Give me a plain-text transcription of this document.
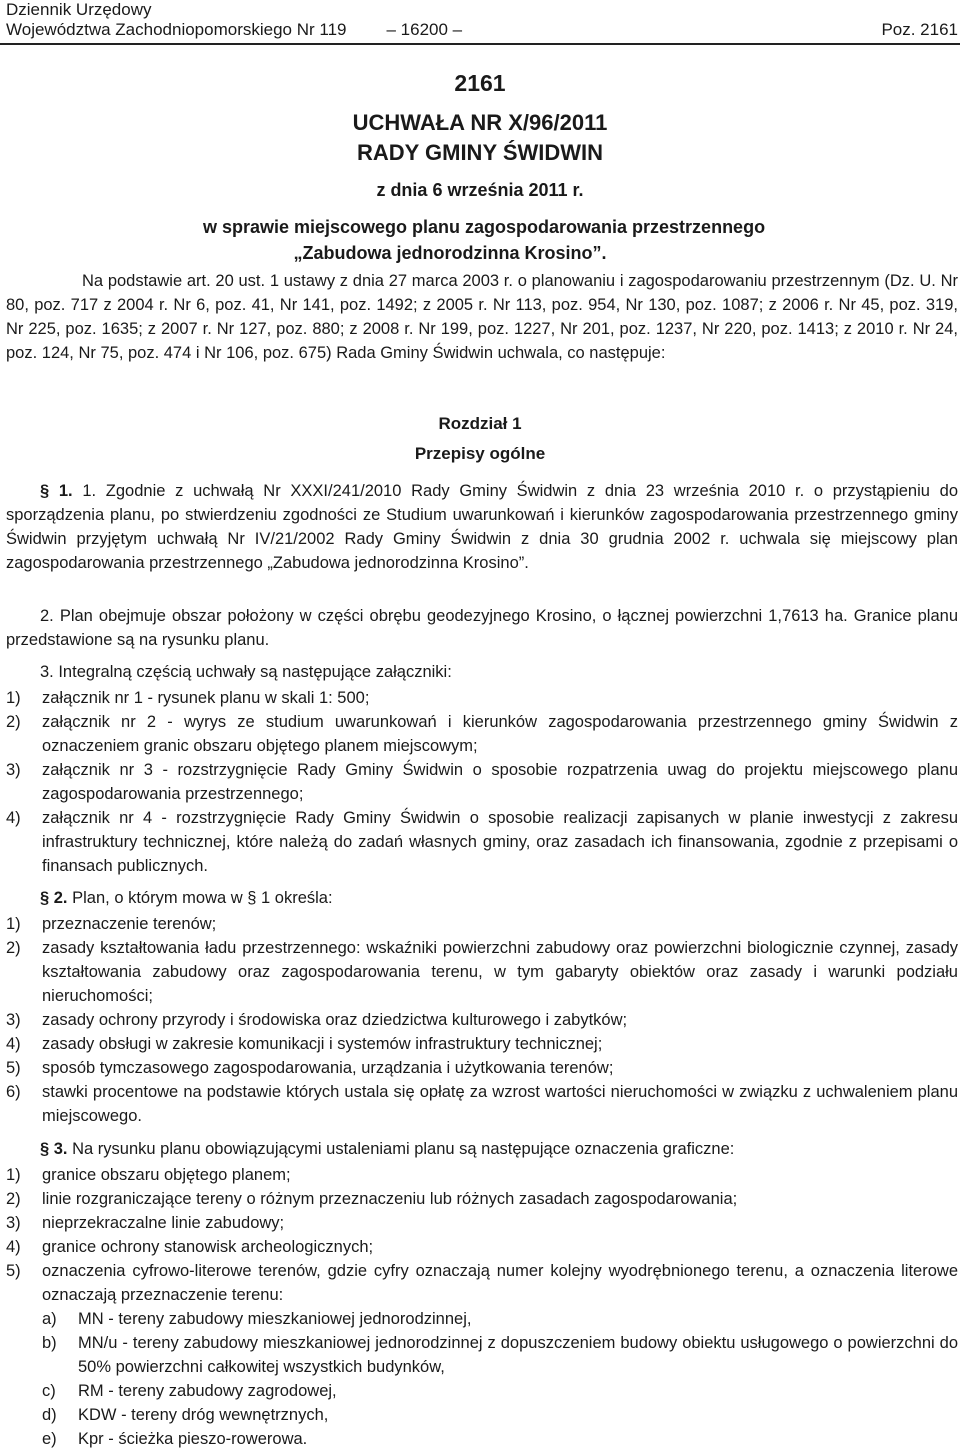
Dziennik Urzędowy
Województwa Zachodniopomorskiego Nr 119 – 16200 –	Poz. 2161
2161
UCHWAŁA NR X/96/2011
RADY GMINY ŚWIDWIN
z dnia 6 września 2011 r.
w sprawie miejscowego planu zagospodarowania przestrzennego
„Zabudowa jednorodzinna Krosino”.
Na podstawie art. 20 ust. 1 ustawy z dnia 27 marca 2003 r. o planowaniu i zagospodarowaniu przestrzennym (Dz. U. Nr 80, poz. 717 z 2004 r. Nr 6, poz. 41, Nr 141, poz. 1492; z 2005 r. Nr 113, poz. 954, Nr 130, poz. 1087; z 2006 r. Nr 45, poz. 319, Nr 225, poz. 1635; z 2007 r. Nr 127, poz. 880; z 2008 r. Nr 199, poz. 1227, Nr 201, poz. 1237, Nr 220, poz. 1413; z 2010 r. Nr 24, poz. 124, Nr 75, poz. 474 i Nr 106, poz. 675) Rada Gminy Świdwin uchwala, co następuje:
Rozdział 1
Przepisy ogólne
§ 1. 1. Zgodnie z uchwałą Nr XXXI/241/2010 Rady Gminy Świdwin z dnia 23 września 2010 r. o przystąpieniu do sporządzenia planu, po stwierdzeniu zgodności ze Studium uwarunkowań i kierunków zagospodarowania przestrzennego gminy Świdwin przyjętym uchwałą Nr IV/21/2002 Rady Gminy Świdwin z dnia 30 grudnia 2002 r. uchwala się miejscowy plan zagospodarowania przestrzennego „Zabudowa jednorodzinna Krosino”.
2. Plan obejmuje obszar położony w części obrębu geodezyjnego Krosino, o łącznej powierzchni 1,7613 ha. Granice planu przedstawione są na rysunku planu.
3. Integralną częścią uchwały są następujące załączniki:
1)	załącznik nr 1 - rysunek planu w skali 1: 500;
2)	załącznik nr 2 - wyrys ze studium uwarunkowań i kierunków zagospodarowania przestrzennego gminy Świdwin z oznaczeniem granic obszaru objętego planem miejscowym;
3)	załącznik nr 3 - rozstrzygnięcie Rady Gminy Świdwin o sposobie rozpatrzenia uwag do projektu miejscowego planu zagospodarowania przestrzennego;
4)	załącznik nr 4 - rozstrzygnięcie Rady Gminy Świdwin o sposobie realizacji zapisanych w planie inwestycji z zakresu infrastruktury technicznej, które należą do zadań własnych gminy, oraz zasadach ich finansowania, zgodnie z przepisami o finansach publicznych.
§ 2. Plan, o którym mowa w § 1 określa:
1)	przeznaczenie terenów;
2)	zasady kształtowania ładu przestrzennego: wskaźniki powierzchni zabudowy oraz powierzchni biologicznie czynnej, zasady kształtowania zabudowy oraz zagospodarowania terenu, w tym gabaryty obiektów oraz zasady i warunki podziału nieruchomości;
3)	zasady ochrony przyrody i środowiska oraz dziedzictwa kulturowego i zabytków;
4)	zasady obsługi w zakresie komunikacji i systemów infrastruktury technicznej;
5)	sposób tymczasowego zagospodarowania, urządzania i użytkowania terenów;
6)	stawki procentowe na podstawie których ustala się opłatę za wzrost wartości nieruchomości w związku z uchwaleniem planu miejscowego.
§ 3. Na rysunku planu obowiązującymi ustaleniami planu są następujące oznaczenia graficzne:
1)	granice obszaru objętego planem;
2)	linie rozgraniczające tereny o różnym przeznaczeniu lub różnych zasadach zagospodarowania;
3)	nieprzekraczalne linie zabudowy;
4)	granice ochrony stanowisk archeologicznych;
5)	oznaczenia cyfrowo-literowe terenów, gdzie cyfry oznaczają numer kolejny wyodrębnionego terenu, a oznaczenia literowe oznaczają przeznaczenie terenu:
a)	MN - tereny zabudowy mieszkaniowej jednorodzinnej,
b)	MN/u - tereny zabudowy mieszkaniowej jednorodzinnej z dopuszczeniem budowy obiektu usługowego o powierzchni do 50% powierzchni całkowitej wszystkich budynków,
c)	RM - tereny zabudowy zagrodowej,
d)	KDW - tereny dróg wewnętrznych,
e)	Kpr - ścieżka pieszo-rowerowa.
